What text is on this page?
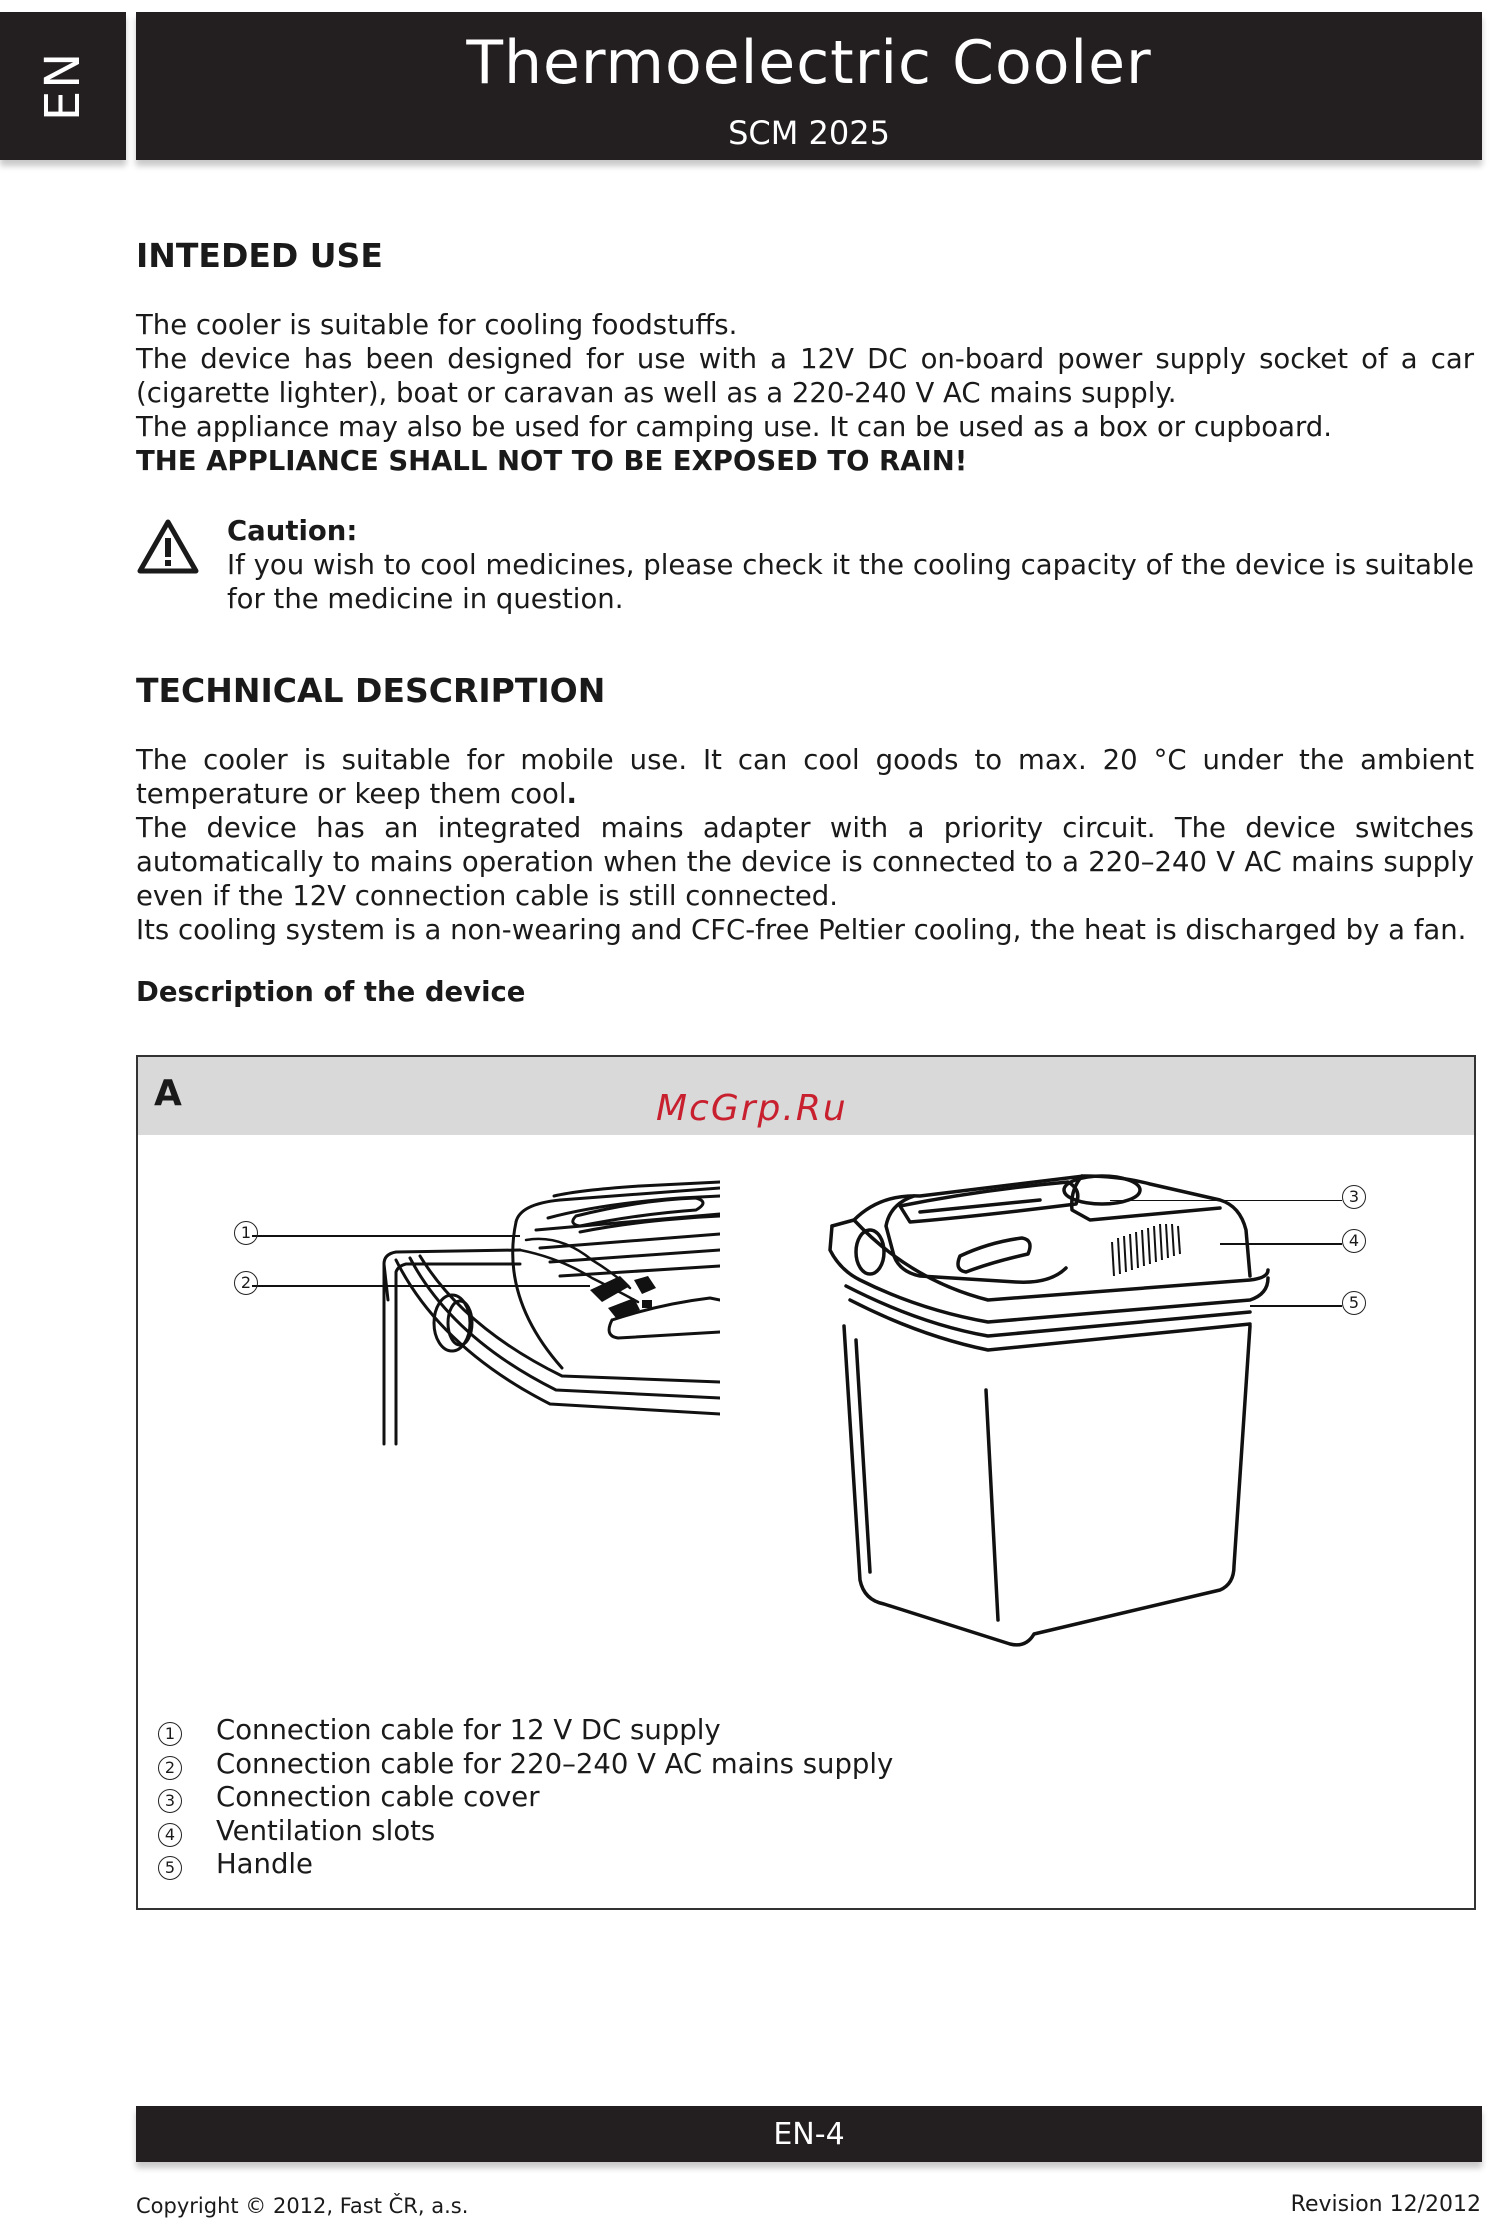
EN	Thermoelectric Cooler
SCM 2025
INTEDED USE

The cooler is suitable for cooling foodstuffs.

The device has been designed for use with a 12V DC on-board power supply socket of a car (cigarette lighter), boat or caravan as well as a 220-240 V AC mains supply.

The appliance may also be used for camping use. It can be used as a box or cupboard.

THE APPLIANCE SHALL NOT TO BE EXPOSED TO RAIN!

Caution:
If you wish to cool medicines, please check it the cooling capacity of the device is suitable for the medicine in question.
TECHNICAL DESCRIPTION

The cooler is suitable for mobile use. It can cool goods to max. 20 °C under the ambient temperature or keep them cool.

The device has an integrated mains adapter with a priority circuit. The device switches automatically to mains operation when the device is connected to a 220–240 V AC mains supply even if the 12V connection cable is still connected.

Its cooling system is a non-wearing and CFC-free Peltier cooling, the heat is discharged by a fan.

Description of the device
A	McGrp.Ru
1
2
3
4
5
1	Connection cable for 12 V DC supply
2	Connection cable for 220–240 V AC mains supply
3	Connection cable cover
4	Ventilation slots
5	Handle
EN-4
Copyright © 2012, Fast ČR, a.s.	Revision 12/2012
